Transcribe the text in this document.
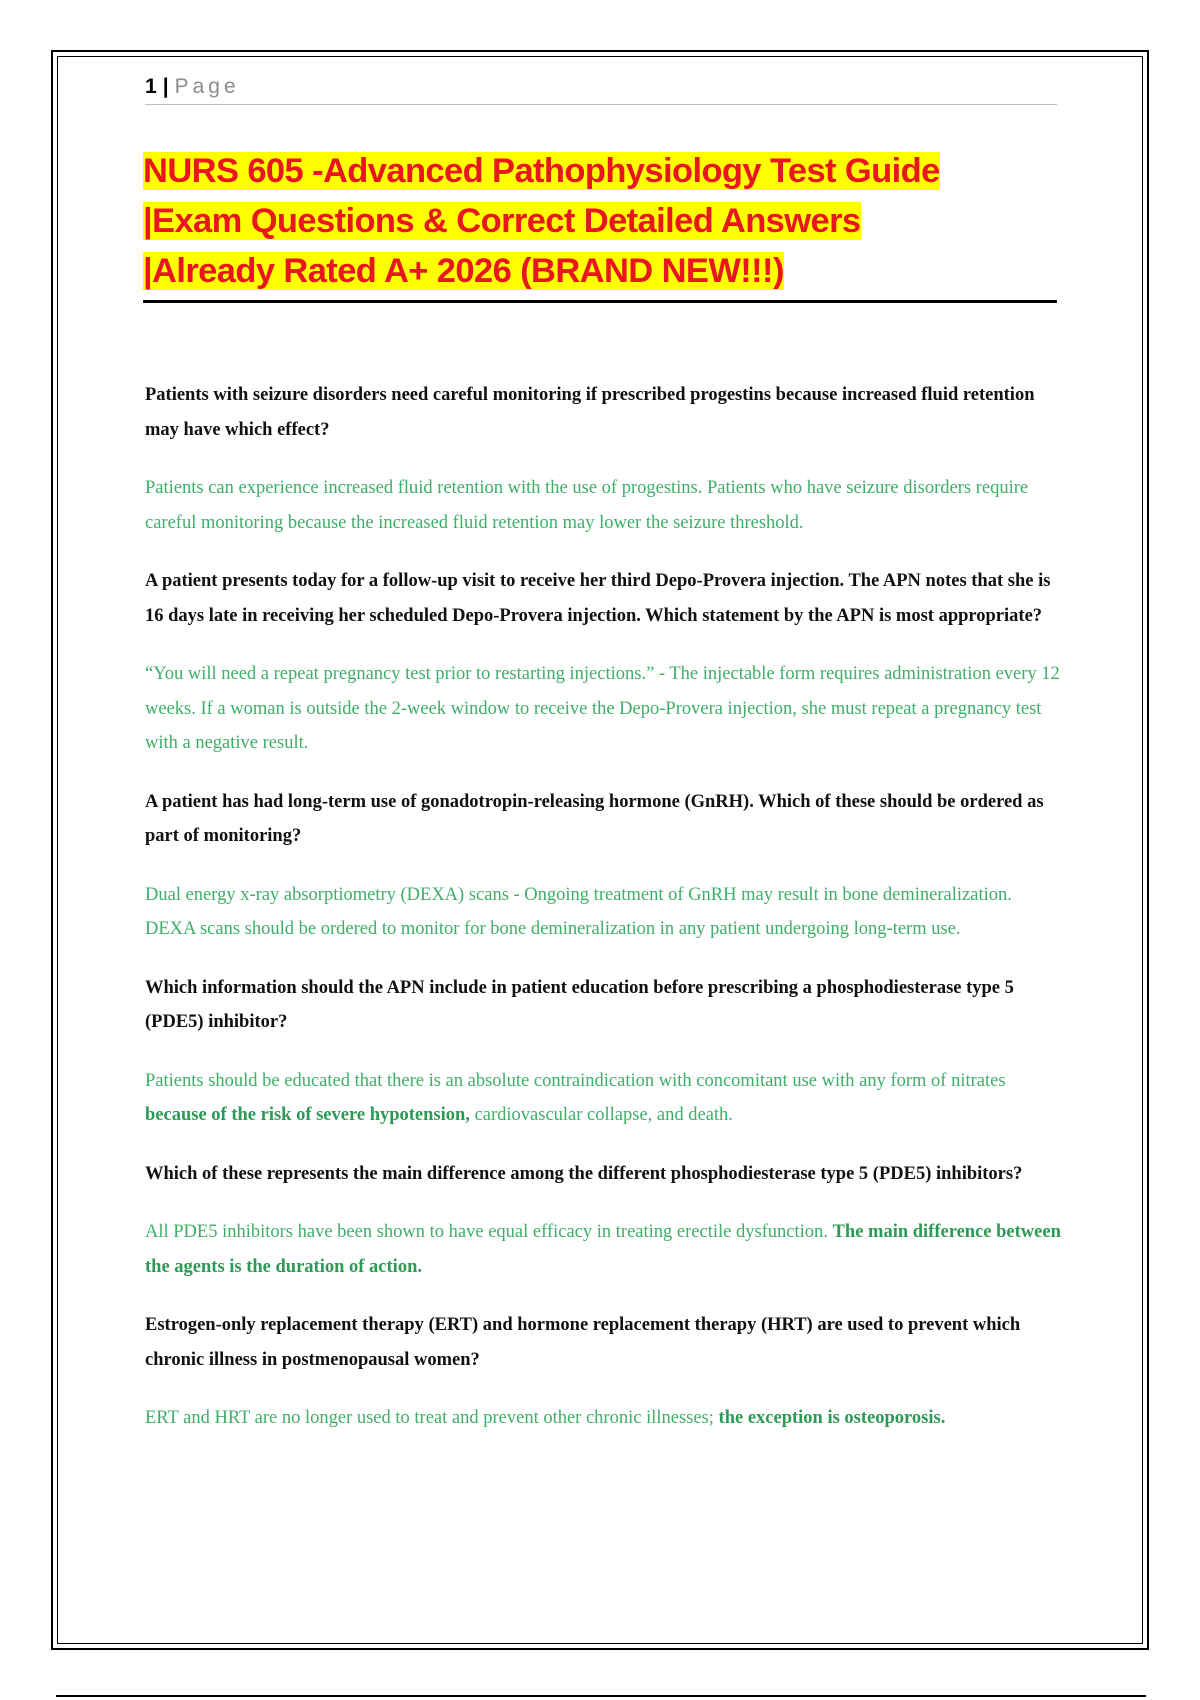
1 | Page

NURS 605 -Advanced Pathophysiology Test Guide

|Exam Questions & Correct Detailed Answers

|Already Rated A+ 2026 (BRAND NEW!!!)

Patients with seizure disorders need careful monitoring if prescribed progestins because increased fluid retention may have which effect?

Patients can experience increased fluid retention with the use of progestins. Patients who have seizure disorders require careful monitoring because the increased fluid retention may lower the seizure threshold.

A patient presents today for a follow-up visit to receive her third Depo-Provera injection. The APN notes that she is 16 days late in receiving her scheduled Depo-Provera injection. Which statement by the APN is most appropriate?

“You will need a repeat pregnancy test prior to restarting injections.” - The injectable form requires administration every 12 weeks. If a woman is outside the 2-week window to receive the Depo-Provera injection, she must repeat a pregnancy test with a negative result.

A patient has had long-term use of gonadotropin-releasing hormone (GnRH). Which of these should be ordered as part of monitoring?

Dual energy x-ray absorptiometry (DEXA) scans - Ongoing treatment of GnRH may result in bone demineralization. DEXA scans should be ordered to monitor for bone demineralization in any patient undergoing long-term use.

Which information should the APN include in patient education before prescribing a phosphodiesterase type 5 (PDE5) inhibitor?

Patients should be educated that there is an absolute contraindication with concomitant use with any form of nitrates because of the risk of severe hypotension, cardiovascular collapse, and death.

Which of these represents the main difference among the different phosphodiesterase type 5 (PDE5) inhibitors?

All PDE5 inhibitors have been shown to have equal efficacy in treating erectile dysfunction. The main difference between the agents is the duration of action.

Estrogen-only replacement therapy (ERT) and hormone replacement therapy (HRT) are used to prevent which chronic illness in postmenopausal women?

ERT and HRT are no longer used to treat and prevent other chronic illnesses; the exception is osteoporosis.
